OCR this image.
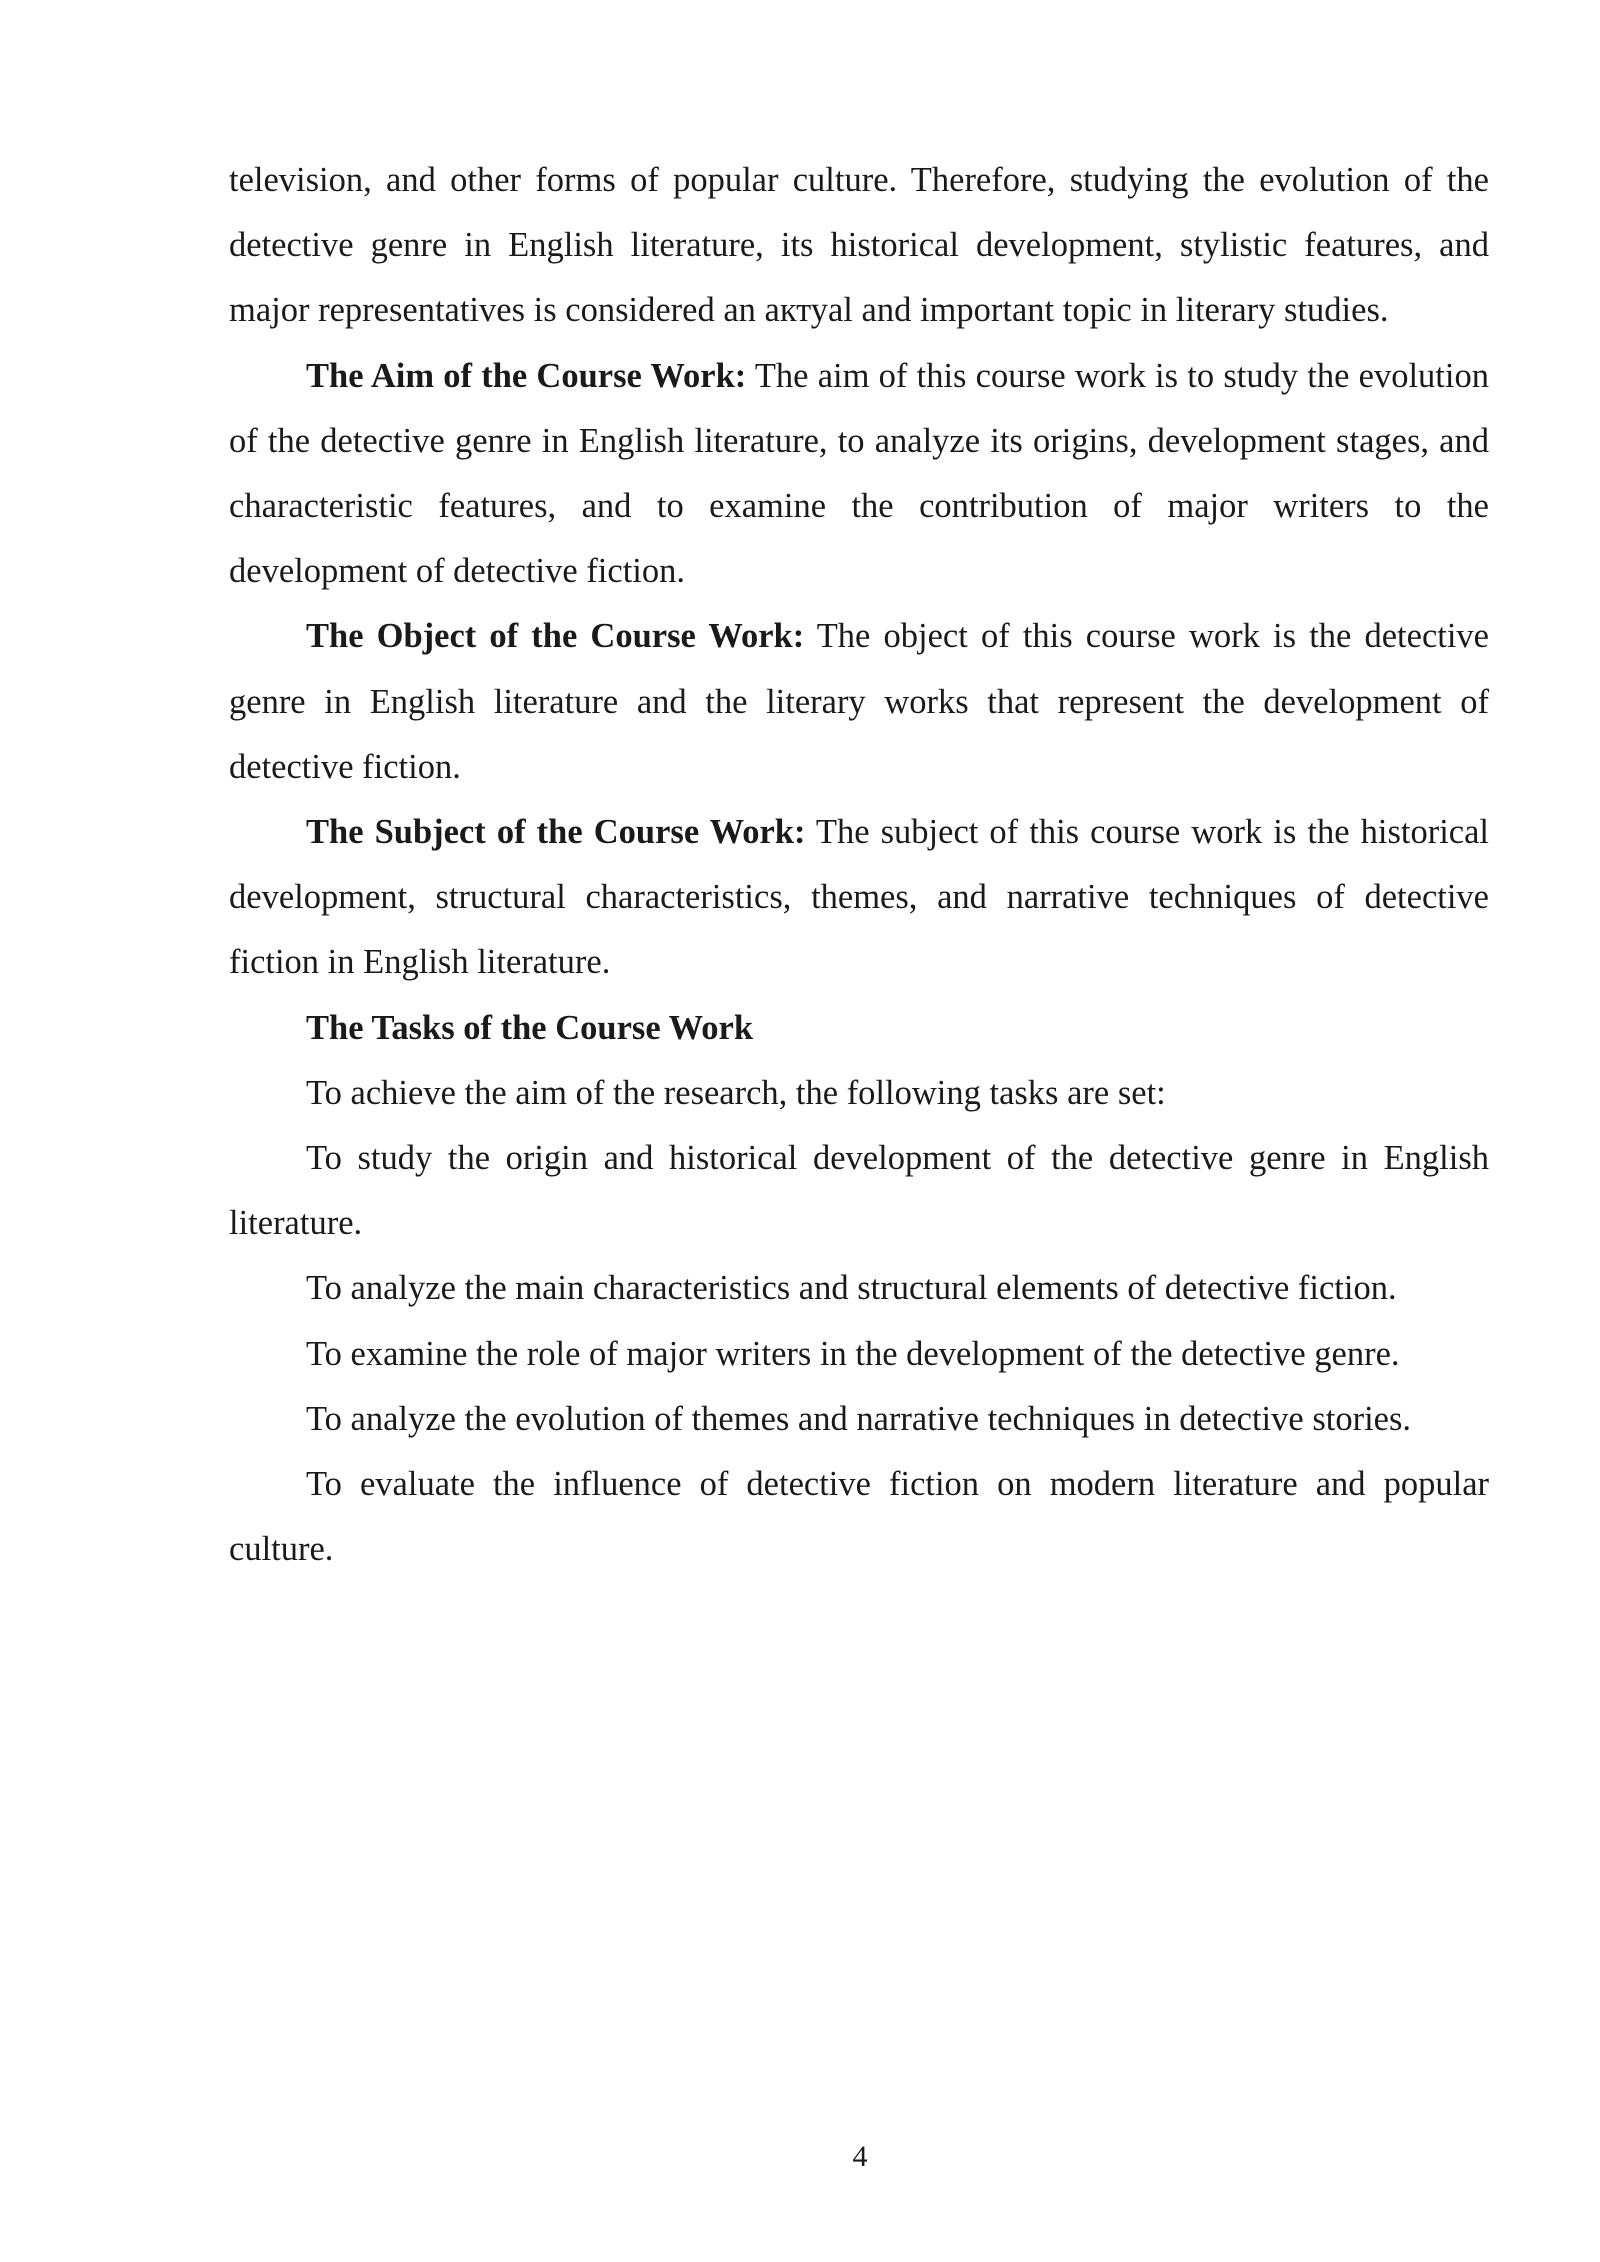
television, and other forms of popular culture. Therefore, studying the evolution of the detective genre in English literature, its historical development, stylistic features, and major representatives is considered an актуal and important topic in literary studies.

The Aim of the Course Work: The aim of this course work is to study the evolution of the detective genre in English literature, to analyze its origins, development stages, and characteristic features, and to examine the contribution of major writers to the development of detective fiction.

The Object of the Course Work: The object of this course work is the detective genre in English literature and the literary works that represent the development of detective fiction.

The Subject of the Course Work: The subject of this course work is the historical development, structural characteristics, themes, and narrative techniques of detective fiction in English literature.

The Tasks of the Course Work

To achieve the aim of the research, the following tasks are set:

To study the origin and historical development of the detective genre in English literature.

To analyze the main characteristics and structural elements of detective fiction.

To examine the role of major writers in the development of the detective genre.

To analyze the evolution of themes and narrative techniques in detective stories.

To evaluate the influence of detective fiction on modern literature and popular culture.

4
